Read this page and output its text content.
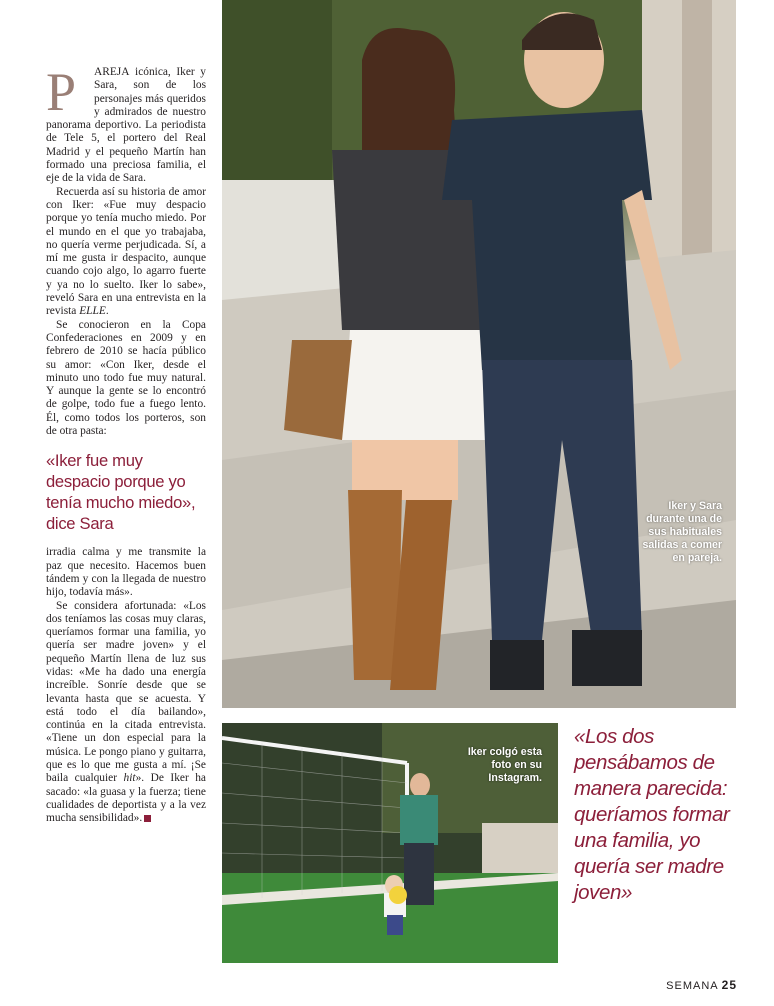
P	AREJA icónica, Iker y Sara, son de los personajes más queridos y admirados de nuestro panorama deportivo. La periodista de Tele 5, el portero del Real Madrid y el pequeño Martín han formado una preciosa familia, el eje de la vida de Sara.

Recuerda así su historia de amor con Iker: «Fue muy despacio porque yo tenía mucho miedo. Por el mundo en el que yo trabajaba, no quería verme perjudicada. Sí, a mí me gusta ir despacito, aunque cuando cojo algo, lo agarro fuerte y ya no lo suelto. Iker lo sabe», reveló Sara en una entrevista en la revista ELLE.

Se conocieron en la Copa Confederaciones en 2009 y en febrero de 2010 se hacía público su amor: «Con Iker, desde el minuto uno todo fue muy natural. Y aunque la gente se lo encontró de golpe, todo fue a fuego lento. Él, como todos los porteros, son de otra pasta:

«Iker fue muy despacio porque yo tenía mucho miedo», dice Sara

irradia calma y me transmite la paz que necesito. Hacemos buen tándem y con la llegada de nuestro hijo, todavía más».

Se considera afortunada: «Los dos teníamos las cosas muy claras, queríamos formar una familia, yo quería ser madre joven» y el pequeño Martín llena de luz sus vidas: «Me ha dado una energía increíble. Sonríe desde que se levanta hasta que se acuesta. Y está todo el día bailando», continúa en la citada entrevista. «Tiene un don especial para la música. Le pongo piano y guitarra, que es lo que me gusta a mí. ¡Se baila cualquier hit». De Iker ha sacado: «la guasa y la fuerza; tiene cualidades de deportista y a la vez mucha sensibilidad».

Iker y Sara durante una de sus habituales salidas a comer en pareja.
Iker colgó esta foto en su Instagram.
«Los dos pensábamos de manera parecida: queríamos formar una familia, yo quería ser madre joven»
SEMANA 25
